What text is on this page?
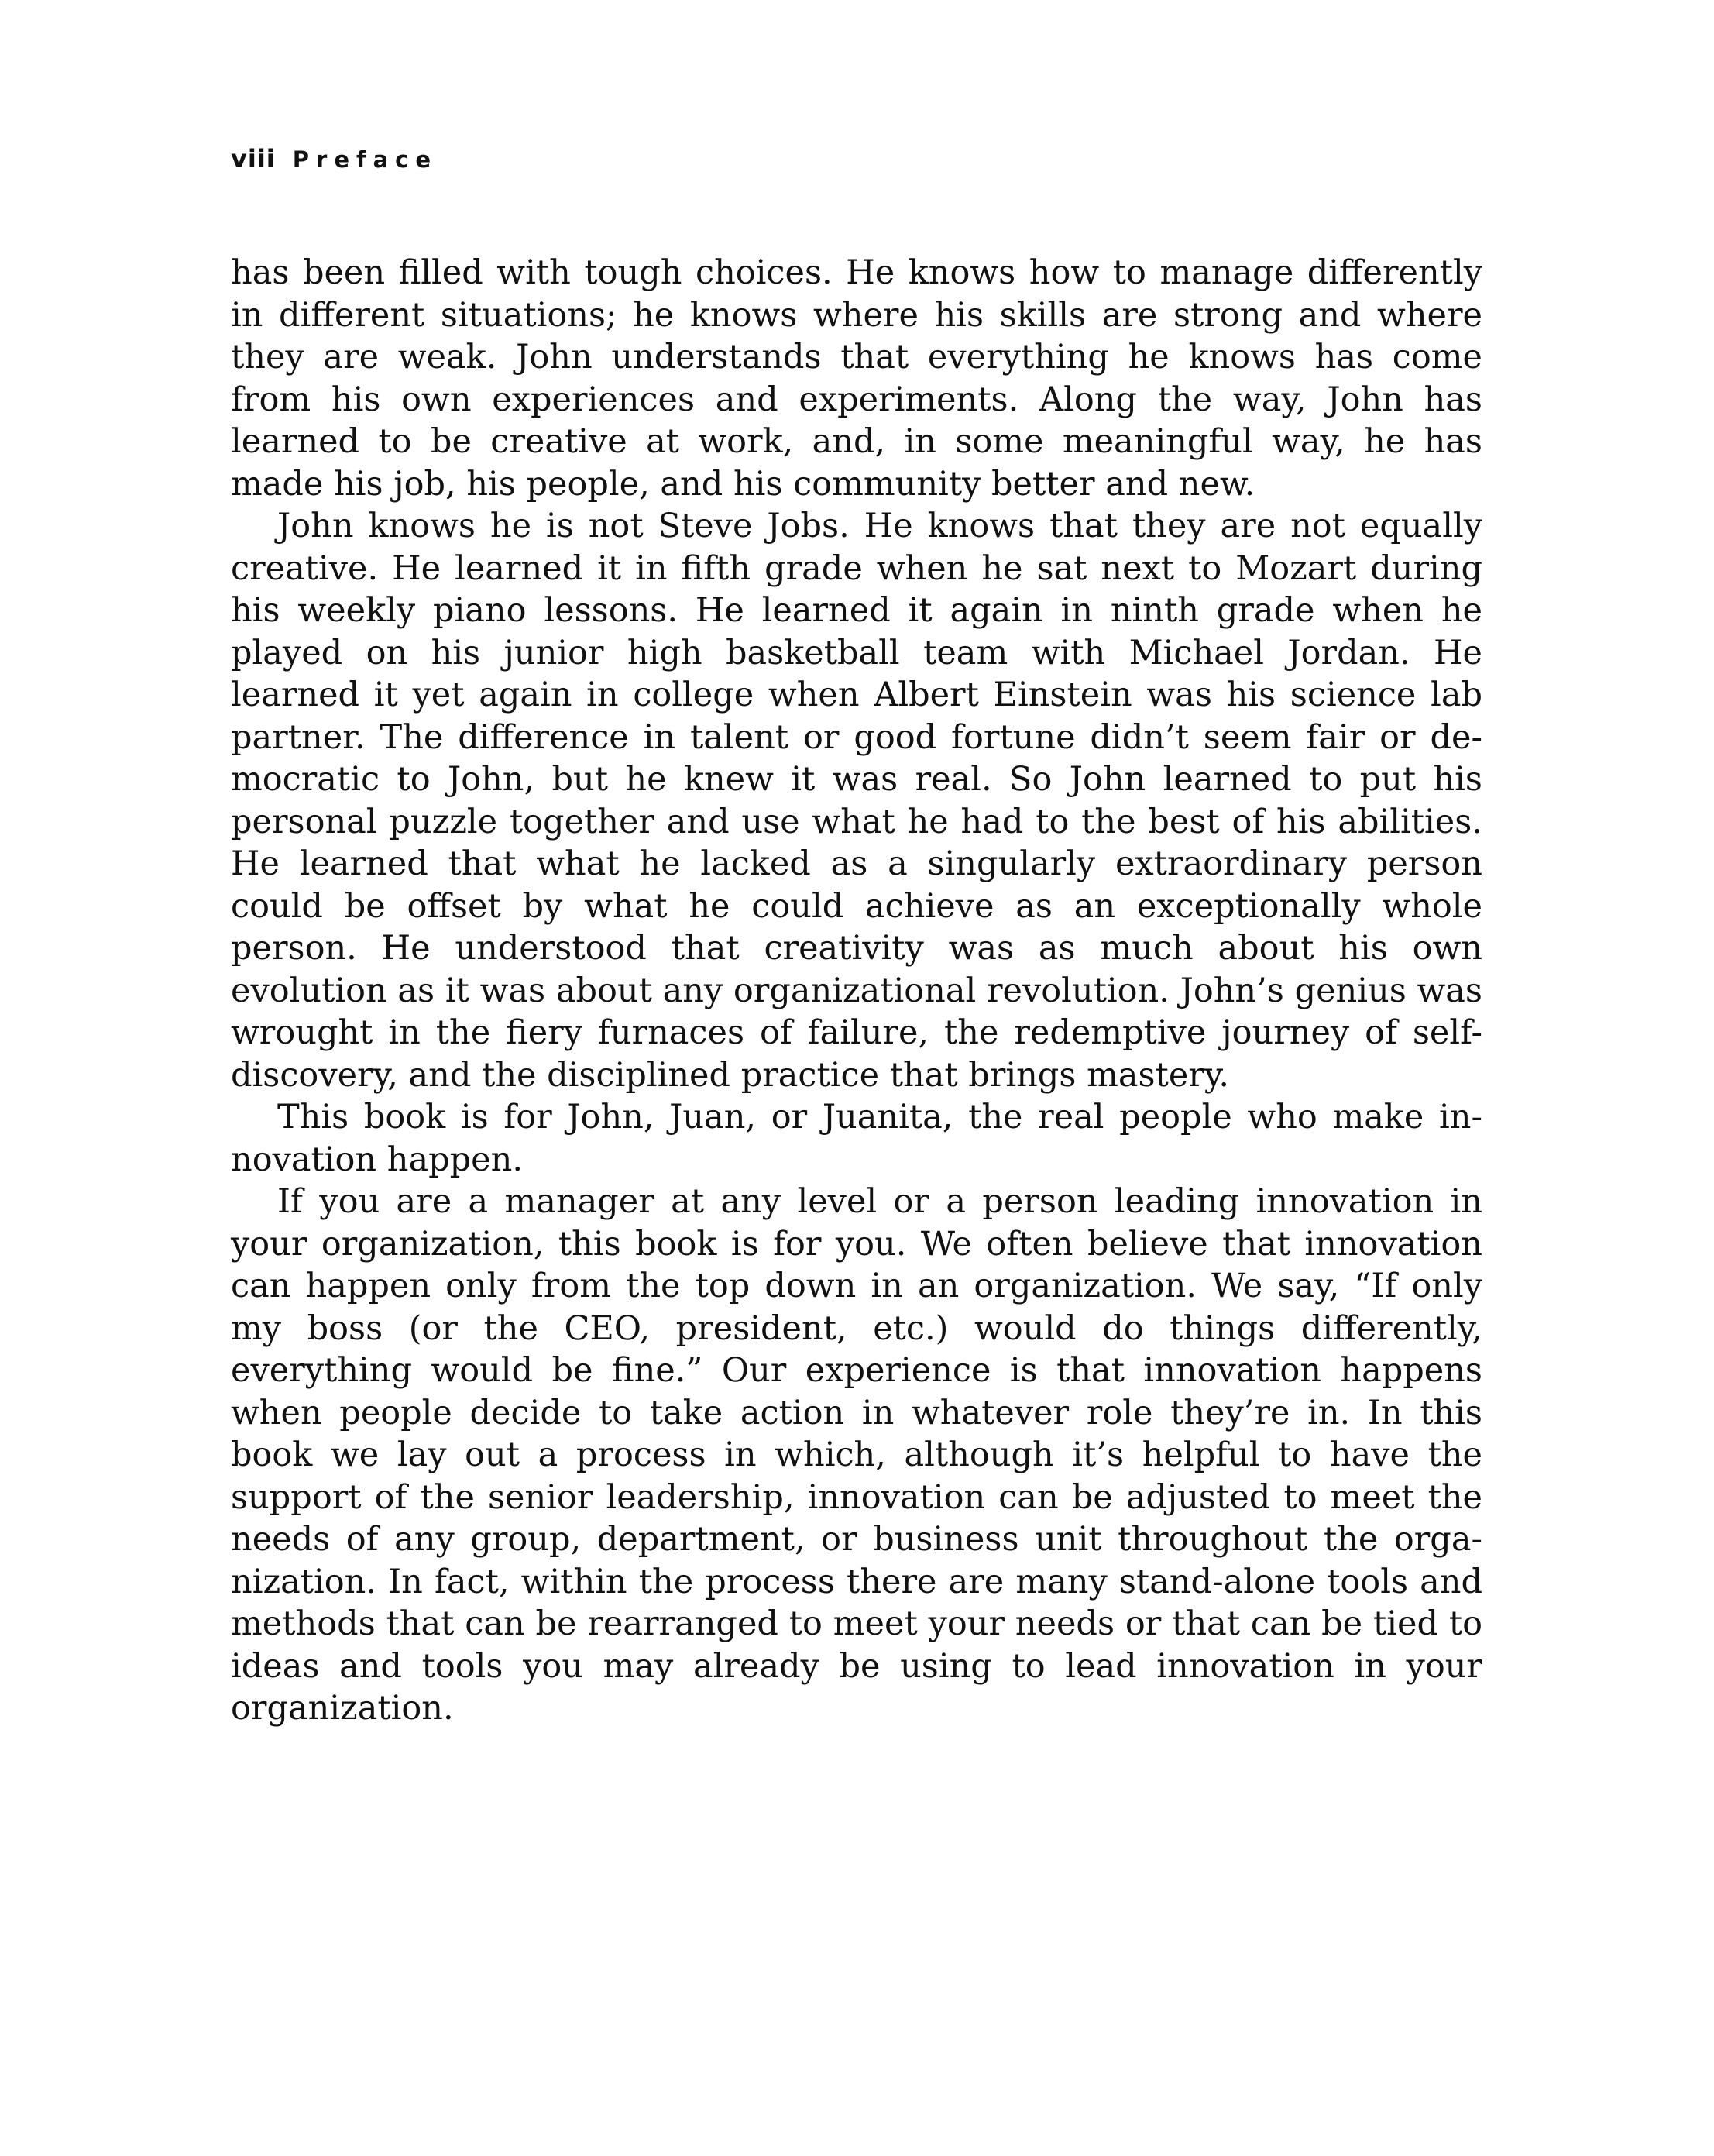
viii Preface

has been filled with tough choices. He knows how to manage differently in different situations; he knows where his skills are strong and where they are weak. John understands that everything he knows has come from his own experiences and experiments. Along the way, John has learned to be creative at work, and, in some meaningful way, he has made his job, his people, and his community better and new.

John knows he is not Steve Jobs. He knows that they are not equally creative. He learned it in fifth grade when he sat next to Mozart during his weekly piano lessons. He learned it again in ninth grade when he played on his junior high basketball team with Michael Jordan. He learned it yet again in college when Albert Einstein was his science lab partner. The difference in talent or good fortune didn’t seem fair or democratic to John, but he knew it was real. So John learned to put his personal puzzle together and use what he had to the best of his abilities. He learned that what he lacked as a singularly extraordinary person could be offset by what he could achieve as an exceptionally whole person. He understood that creativity was as much about his own evolution as it was about any organizational revolution. John’s genius was wrought in the fiery furnaces of failure, the redemptive journey of self-discovery, and the disciplined practice that brings mastery.

This book is for John, Juan, or Juanita, the real people who make innovation happen.

If you are a manager at any level or a person leading innovation in your organization, this book is for you. We often believe that innovation can happen only from the top down in an organization. We say, “If only my boss (or the CEO, president, etc.) would do things differently, everything would be fine.” Our experience is that innovation happens when people decide to take action in whatever role they’re in. In this book we lay out a process in which, although it’s helpful to have the support of the senior leadership, innovation can be adjusted to meet the needs of any group, department, or business unit throughout the organization. In fact, within the process there are many stand-alone tools and methods that can be rearranged to meet your needs or that can be tied to ideas and tools you may already be using to lead innovation in your organization.
